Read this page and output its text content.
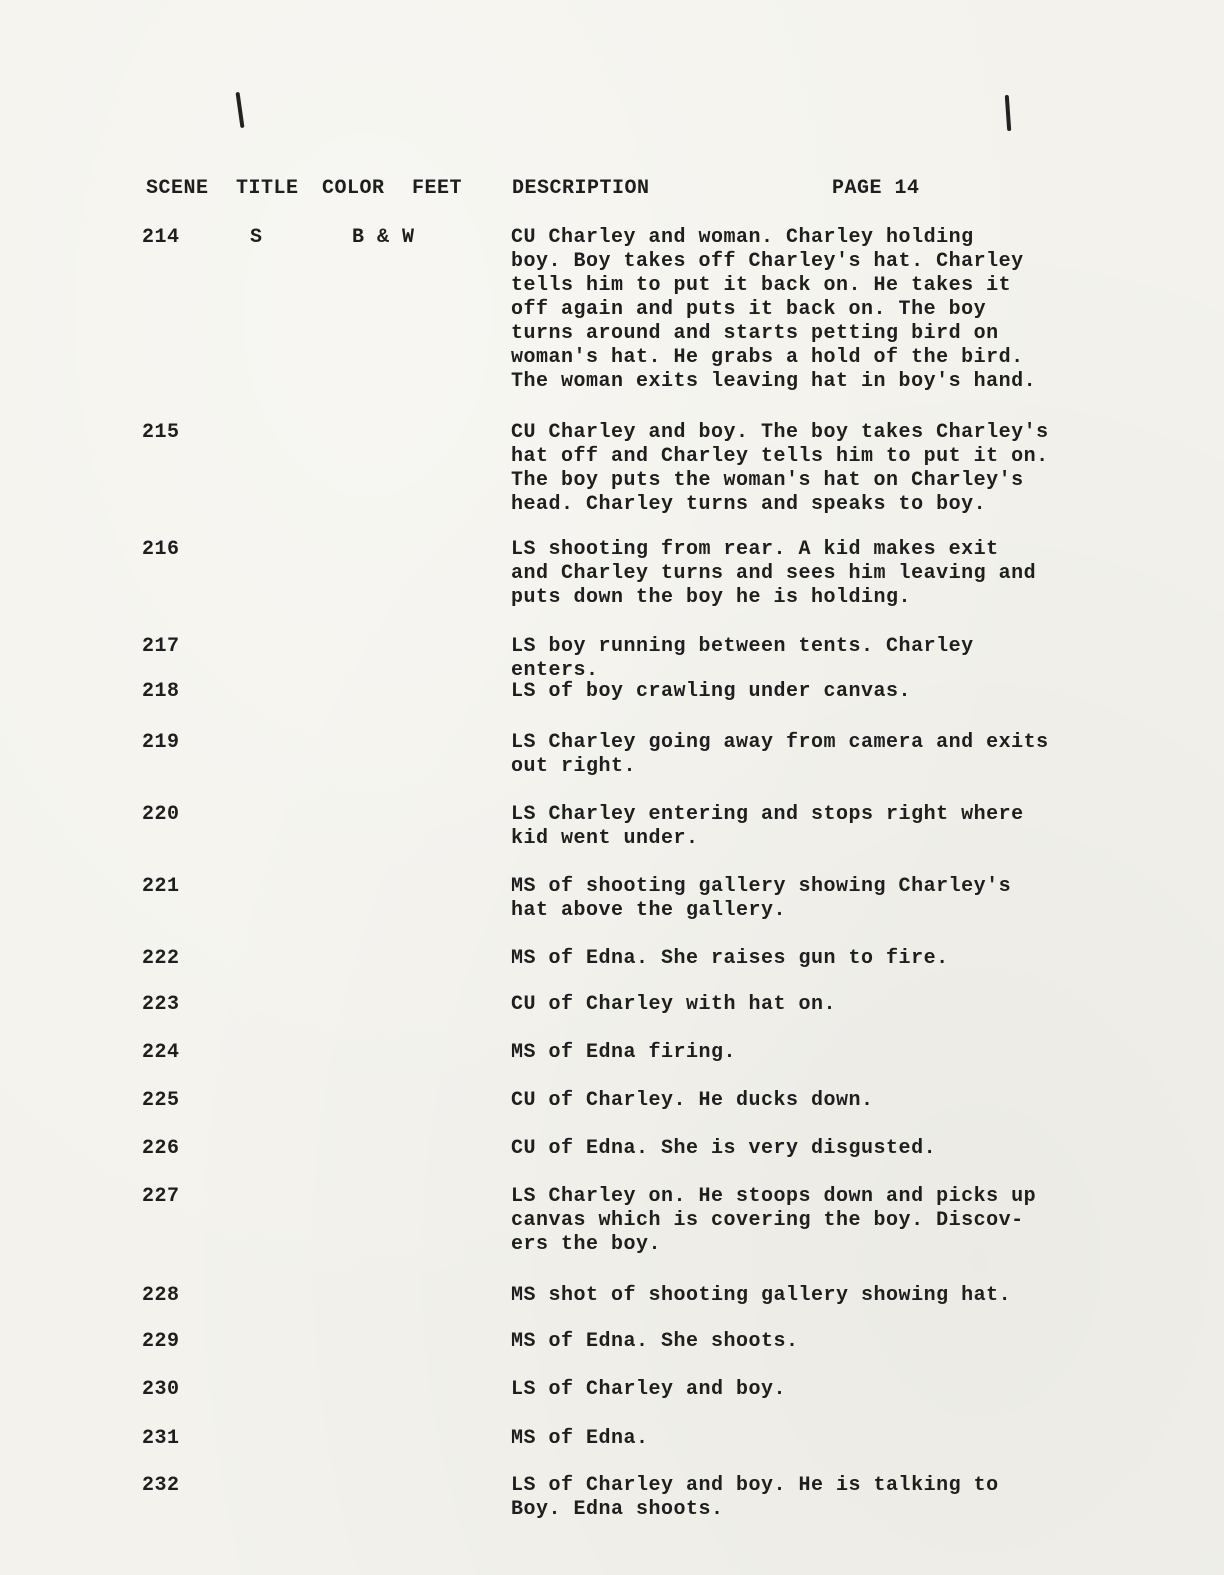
SCENE TITLE COLOR FEET DESCRIPTION	PAGE 14
214	S	B & W	CU Charley and woman. Charley holding
boy. Boy takes off Charley's hat. Charley
tells him to put it back on. He takes it
off again and puts it back on. The boy
turns around and starts petting bird on
woman's hat. He grabs a hold of the bird.
The woman exits leaving hat in boy's hand.
215	CU Charley and boy. The boy takes Charley's
hat off and Charley tells him to put it on.
The boy puts the woman's hat on Charley's
head. Charley turns and speaks to boy.
216	LS shooting from rear. A kid makes exit
and Charley turns and sees him leaving and
puts down the boy he is holding.
217	LS boy running between tents. Charley
enters.
218	LS of boy crawling under canvas.
219	LS Charley going away from camera and exits
out right.
220	LS Charley entering and stops right where
kid went under.
221	MS of shooting gallery showing Charley's
hat above the gallery.
222	MS of Edna. She raises gun to fire.
223	CU of Charley with hat on.
224	MS of Edna firing.
225	CU of Charley. He ducks down.
226	CU of Edna. She is very disgusted.
227	LS Charley on. He stoops down and picks up
canvas which is covering the boy. Discov-
ers the boy.
228	MS shot of shooting gallery showing hat.
229	MS of Edna. She shoots.
230	LS of Charley and boy.
231	MS of Edna.
232	LS of Charley and boy. He is talking to
Boy. Edna shoots.
